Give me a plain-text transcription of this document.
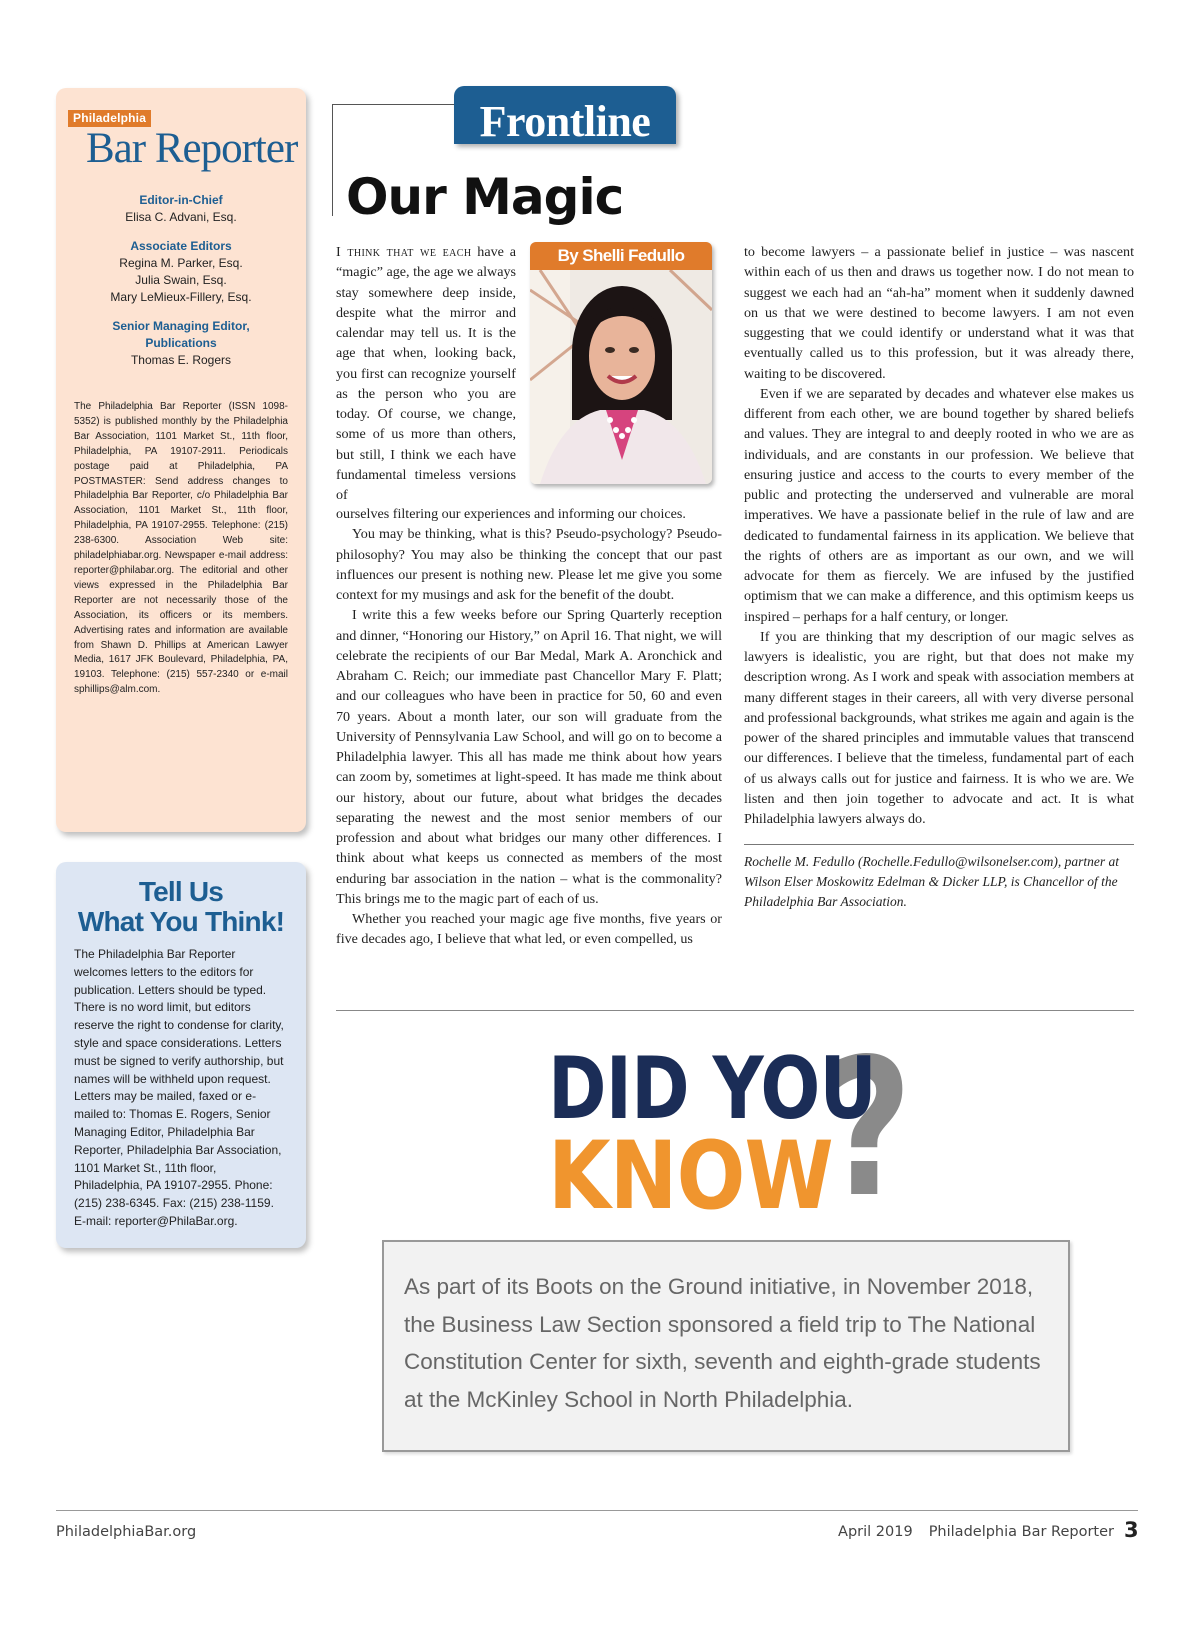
Philadelphia
Bar Reporter
Editor-in-Chief
Elisa C. Advani, Esq.
Associate Editors
Regina M. Parker, Esq.
Julia Swain, Esq.
Mary LeMieux-Fillery, Esq.
Senior Managing Editor,
Publications
Thomas E. Rogers
The Philadelphia Bar Reporter (ISSN 1098-5352) is published monthly by the Philadelphia Bar Association, 1101 Market St., 11th floor, Philadelphia, PA 19107-2911. Periodicals postage paid at Philadelphia, PA POSTMASTER: Send address changes to Philadelphia Bar Reporter, c/o Philadelphia Bar Association, 1101 Market St., 11th floor, Philadelphia, PA 19107-2955. Telephone: (215) 238-6300. Association Web site: philadelphiabar.org. Newspaper e-mail address: reporter@philabar.org. The editorial and other views expressed in the Philadelphia Bar Reporter are not necessarily those of the Association, its officers or its members. Advertising rates and information are available from Shawn D. Phillips at American Lawyer Media, 1617 JFK Boulevard, Philadelphia, PA, 19103. Telephone: (215) 557-2340 or e-mail sphillips@alm.com.
Tell Us
What You Think!
The Philadelphia Bar Reporter welcomes letters to the editors for publication. Letters should be typed. There is no word limit, but editors reserve the right to condense for clarity, style and space considerations. Letters must be signed to verify authorship, but names will be withheld upon request. Letters may be mailed, faxed or e-mailed to: Thomas E. Rogers, Senior Managing Editor, Philadelphia Bar Reporter, Philadelphia Bar Association, 1101 Market St., 11th floor, Philadelphia, PA 19107-2955. Phone: (215) 238-6345. Fax: (215) 238-1159. E-mail: reporter@PhilaBar.org.
Frontline
Our Magic
By Shelli Fedullo

I think that we each have a “magic” age, the age we always stay somewhere deep inside, despite what the mirror and calendar may tell us. It is the age that when, looking back, you first can recognize yourself as the person who you are today. Of course, we change, some of us more than others, but still, I think we each have fundamental timeless versions of

ourselves filtering our experiences and informing our choices.

You may be thinking, what is this? Pseudo-psychology? Pseudo-philosophy? You may also be thinking the concept that our past influences our present is nothing new. Please let me give you some context for my musings and ask for the benefit of the doubt.

I write this a few weeks before our Spring Quarterly reception and dinner, “Honoring our History,” on April 16. That night, we will celebrate the recipients of our Bar Medal, Mark A. Aronchick and Abraham C. Reich; our immediate past Chancellor Mary F. Platt; and our colleagues who have been in practice for 50, 60 and even 70 years. About a month later, our son will graduate from the University of Pennsylvania Law School, and will go on to become a Philadelphia lawyer. This all has made me think about how years can zoom by, sometimes at light-speed. It has made me think about our history, about our future, about what bridges the decades separating the newest and the most senior members of our profession and about what bridges our many other differences. I think about what keeps us connected as members of the most enduring bar association in the nation – what is the commonality? This brings me to the magic part of each of us.

Whether you reached your magic age five months, five years or five decades ago, I believe that what led, or even compelled, us

to become lawyers – a passionate belief in justice – was nascent within each of us then and draws us together now. I do not mean to suggest we each had an “ah-ha” moment when it suddenly dawned on us that we were destined to become lawyers. I am not even suggesting that we could identify or understand what it was that eventually called us to this profession, but it was already there, waiting to be discovered.

Even if we are separated by decades and whatever else makes us different from each other, we are bound together by shared beliefs and values. They are integral to and deeply rooted in who we are as individuals, and are constants in our profession. We believe that ensuring justice and access to the courts to every member of the public and protecting the underserved and vulnerable are moral imperatives. We have a passionate belief in the rule of law and are dedicated to fundamental fairness in its application. We believe that the rights of others are as important as our own, and we will advocate for them as fiercely. We are infused by the justified optimism that we can make a difference, and this optimism keeps us inspired – perhaps for a half century, or longer.

If you are thinking that my description of our magic selves as lawyers is idealistic, you are right, but that does not make my description wrong. As I work and speak with association members at many different stages in their careers, all with very diverse personal and professional backgrounds, what strikes me again and again is the power of the shared principles and immutable values that transcend our differences. I believe that the timeless, fundamental part of each of us always calls out for justice and fairness. It is who we are. We listen and then join together to advocate and act. It is what Philadelphia lawyers always do.

Rochelle M. Fedullo (Rochelle.Fedullo@wilsonelser.com), partner at Wilson Elser Moskowitz Edelman & Dicker LLP, is Chancellor of the Philadelphia Bar Association.
?
DID YOU
KNOW
As part of its Boots on the Ground initiative, in November 2018, the Business Law Section sponsored a field trip to The National Constitution Center for sixth, seventh and eighth-grade students at the McKinley School in North Philadelphia.
PhiladelphiaBar.org	April 2019 Philadelphia Bar Reporter 3
